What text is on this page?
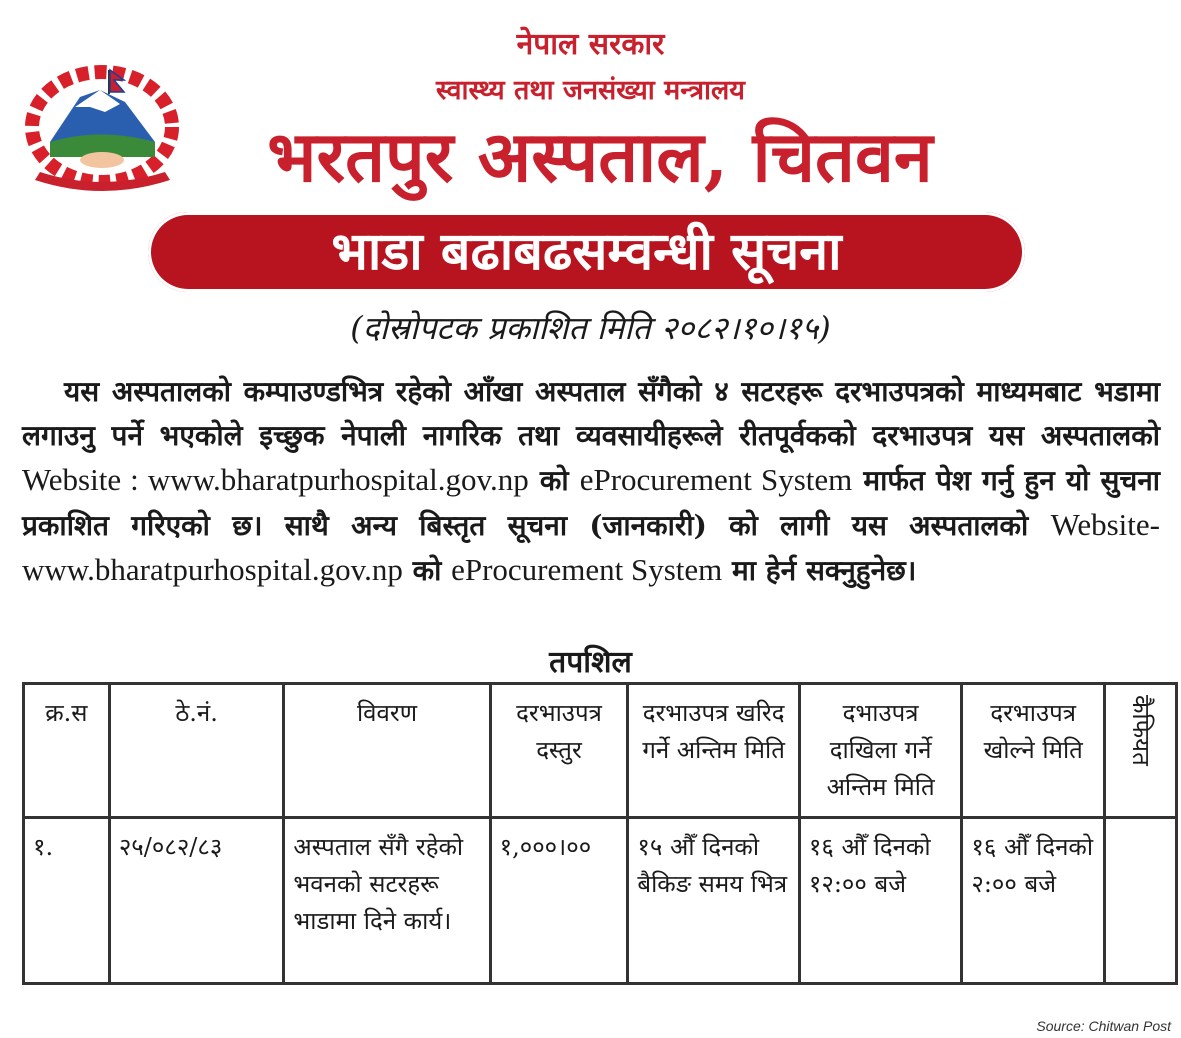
नेपाल सरकार
स्वास्थ्य तथा जनसंख्या मन्त्रालय
भरतपुर अस्पताल, चितवन
भाडा बढाबढसम्वन्धी सूचना
(दोस्रोपटक प्रकाशित मिति २०८२।१०।१५)
  यस अस्पतालको कम्पाउण्डभित्र रहेको आँखा अस्पताल सँगैको ४ सटरहरू दरभाउपत्रको माध्यमबाट भडामा लगाउनु पर्ने भएकोले इच्छुक नेपाली नागरिक तथा व्यवसायीहरूले रीतपूर्वकको दरभाउपत्र यस अस्पतालको Website : www.bharatpurhospital.gov.np को eProcurement System मार्फत पेश गर्नु हुन यो सुचना प्रकाशित गरिएको छ। साथै अन्य बिस्तृत सूचना (जानकारी) को लागी यस अस्पतालको Website-www.bharatpurhospital.gov.np को eProcurement System मा हेर्न सक्नुहुनेछ।
तपशिल
क्र.स	ठे.नं.	विवरण	दरभाउपत्र दस्तुर	दरभाउपत्र खरिद गर्ने अन्तिम मिति	दभाउपत्र दाखिला गर्ने अन्तिम मिति	दरभाउपत्र खोल्ने मिति	कैफियत
१.	२५/०८२/८३	अस्पताल सँगै रहेको भवनको सटरहरू भाडामा दिने कार्य।	१,०००।००	१५ औँ दिनको बैकिङ समय भित्र	१६ औँ दिनको १२:०० बजे	१६ औँ दिनको २:०० बजे	
Source: Chitwan Post
